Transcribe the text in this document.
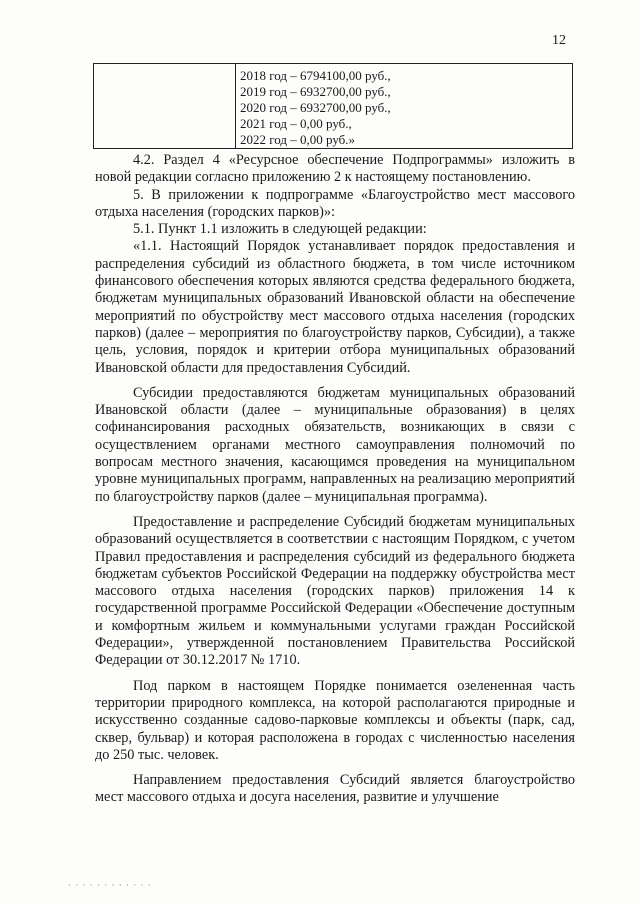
12
2018 год – 6794100,00 руб.,
2019 год – 6932700,00 руб.,
2020 год – 6932700,00 руб.,
2021 год – 0,00 руб.,
2022 год – 0,00 руб.»

4.2. Раздел 4 «Ресурсное обеспечение Подпрограммы» изложить в новой редакции согласно приложению 2 к настоящему постановлению.

5. В приложении к подпрограмме «Благоустройство мест массового отдыха населения (городских парков)»:

5.1. Пункт 1.1 изложить в следующей редакции:

«1.1. Настоящий Порядок устанавливает порядок предоставления и распределения субсидий из областного бюджета, в том числе источником финансового обеспечения которых являются средства федерального бюджета, бюджетам муниципальных образований Ивановской области на обеспечение мероприятий по обустройству мест массового отдыха населения (городских парков) (далее – мероприятия по благоустройству парков, Субсидии), а также цель, условия, порядок и критерии отбора муниципальных образований Ивановской области для предоставления Субсидий.

Субсидии предоставляются бюджетам муниципальных образований Ивановской области (далее – муниципальные образования) в целях софинансирования расходных обязательств, возникающих в связи с осуществлением органами местного самоуправления полномочий по вопросам местного значения, касающимся проведения на муниципальном уровне муниципальных программ, направленных на реализацию мероприятий по благоустройству парков (далее – муниципальная программа).

Предоставление и распределение Субсидий бюджетам муниципальных образований осуществляется в соответствии с настоящим Порядком, с учетом Правил предоставления и распределения субсидий из федерального бюджета бюджетам субъектов Российской Федерации на поддержку обустройства мест массового отдыха населения (городских парков) приложения 14 к государственной программе Российской Федерации «Обеспечение доступным и комфортным жильем и коммунальными услугами граждан Российской Федерации», утвержденной постановлением Правительства Российской Федерации от 30.12.2017 № 1710.

Под парком в настоящем Порядке понимается озелененная часть территории природного комплекса, на которой располагаются природные и искусственно созданные садово-парковые комплексы и объекты (парк, сад, сквер, бульвар) и которая расположена в городах с численностью населения до 250 тыс. человек.

Направлением предоставления Субсидий является благоустройство мест массового отдыха и досуга населения, развитие и улучшение

· · · · · · · · · · · ·
